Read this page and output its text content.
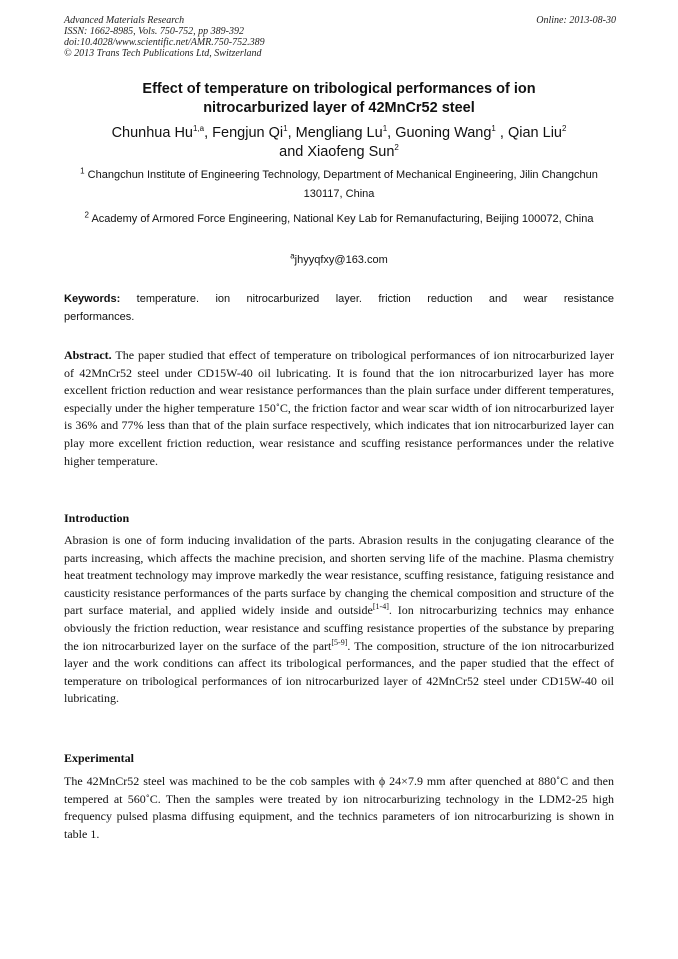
Advanced Materials Research
ISSN: 1662-8985, Vols. 750-752, pp 389-392
doi:10.4028/www.scientific.net/AMR.750-752.389
© 2013 Trans Tech Publications Ltd, Switzerland
Online: 2013-08-30
Effect of temperature on tribological performances of ion
nitrocarburized layer of 42MnCr52 steel
Chunhua Hu$^{1,a}$, Fengjun Qi$^1$, Mengliang Lu$^1$, Guoning Wang$^1$ , Qian Liu$^2$
and Xiaofeng Sun$^2$
$^1$ Changchun Institute of Engineering Technology, Department of Mechanical Engineering, Jilin Changchun 130117, China
$^2$ Academy of Armored Force Engineering, National Key Lab for Remanufacturing, Beijing 100072, China
$^a$jhyyqfxy@163.com
Keywords: temperature. ion nitrocarburized layer. friction reduction and wear resistance performances.

Abstract. The paper studied that effect of temperature on tribological performances of ion nitrocarburized layer of 42MnCr52 steel under CD15W-40 oil lubricating. It is found that the ion nitrocarburized layer has more excellent friction reduction and wear resistance performances than the plain surface under different temperatures, especially under the higher temperature 150˚C, the friction factor and wear scar width of ion nitrocarburized layer is 36% and 77% less than that of the plain surface respectively, which indicates that ion nitrocarburized layer can play more excellent friction reduction, wear resistance and scuffing resistance performances under the relative higher temperature.

Introduction

Abrasion is one of form inducing invalidation of the parts. Abrasion results in the conjugating clearance of the parts increasing, which affects the machine precision, and shorten serving life of the machine. Plasma chemistry heat treatment technology may improve markedly the wear resistance, scuffing resistance, fatiguing resistance and causticity resistance performances of the parts surface by changing the chemical composition and structure of the part surface material, and applied widely inside and outside[1-4]. Ion nitrocarburizing technics may enhance obviously the friction reduction, wear resistance and scuffing resistance properties of the substance by preparing the ion nitrocarburized layer on the surface of the part[5-9]. The composition, structure of the ion nitrocarburized layer and the work conditions can affect its tribological performances, and the paper studied that the effect of temperature on tribological performances of ion nitrocarburized layer of 42MnCr52 steel under CD15W-40 oil lubricating.

Experimental

The 42MnCr52 steel was machined to be the cob samples with ϕ 24×7.9 mm after quenched at 880˚C and then tempered at 560˚C. Then the samples were treated by ion nitrocarburizing technology in the LDM2-25 high frequency pulsed plasma diffusing equipment, and the technics parameters of ion nitrocarburizing is shown in table 1.
